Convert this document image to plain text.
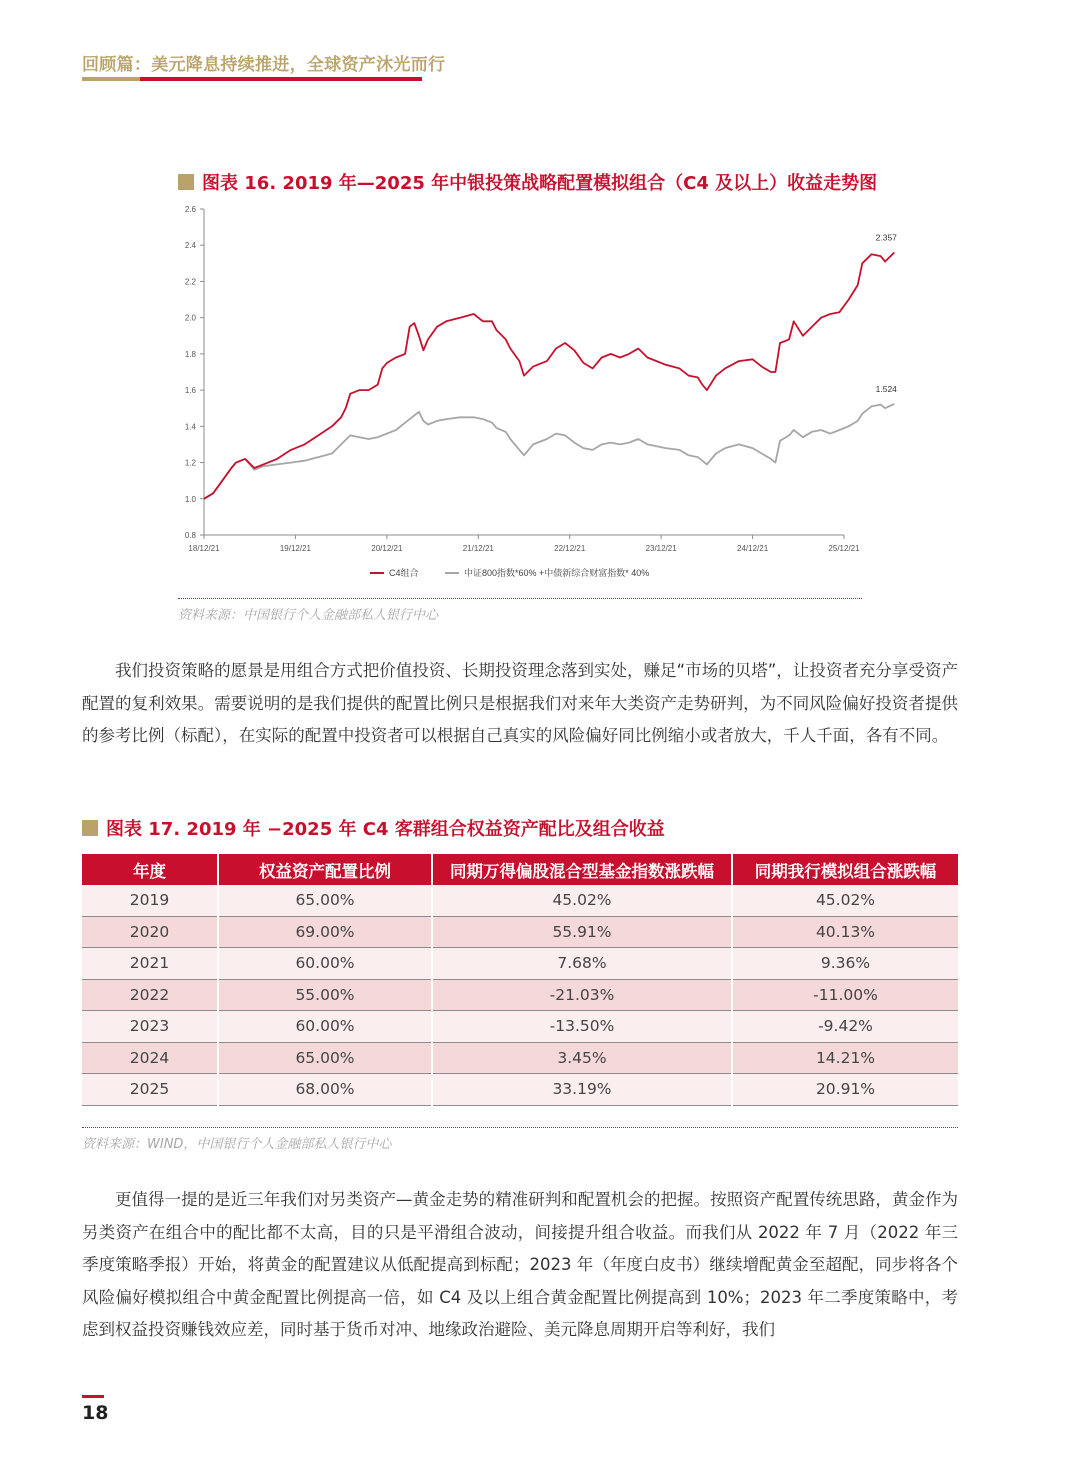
回顾篇：美元降息持续推进，全球资产沐光而行
图表 16. 2019 年—2025 年中银投策战略配置模拟组合（C4 及以上）收益走势图
0.8
1.0
1.2
1.4
1.6
1.8
2.0
2.2
2.4
2.6
18/12/21	19/12/21	20/12/21	21/12/21	22/12/21	23/12/21	24/12/21	25/12/21
1.524
2.357
C4组合	中证800指数*60% +中债新综合财富指数* 40%
资料来源：中国银行个人金融部私人银行中心

我们投资策略的愿景是用组合方式把价值投资、长期投资理念落到实处，赚足“市场的贝塔”，让投资者充分享受资产配置的复利效果。需要说明的是我们提供的配置比例只是根据我们对来年大类资产走势研判，为不同风险偏好投资者提供的参考比例（标配），在实际的配置中投资者可以根据自己真实的风险偏好同比例缩小或者放大，千人千面，各有不同。

图表 17. 2019 年 −2025 年 C4 客群组合权益资产配比及组合收益
年度	权益资产配置比例	同期万得偏股混合型基金指数涨跌幅	同期我行模拟组合涨跌幅
2019	65.00%	45.02%	45.02%
2020	69.00%	55.91%	40.13%
2021	60.00%	7.68%	9.36%
2022	55.00%	-21.03%	-11.00%
2023	60.00%	-13.50%	-9.42%
2024	65.00%	3.45%	14.21%
2025	68.00%	33.19%	20.91%
资料来源：WIND，中国银行个人金融部私人银行中心

更值得一提的是近三年我们对另类资产—黄金走势的精准研判和配置机会的把握。按照资产配置传统思路，黄金作为另类资产在组合中的配比都不太高，目的只是平滑组合波动，间接提升组合收益。而我们从 2022 年 7 月（2022 年三季度策略季报）开始，将黄金的配置建议从低配提高到标配；2023 年（年度白皮书）继续增配黄金至超配，同步将各个风险偏好模拟组合中黄金配置比例提高一倍，如 C4 及以上组合黄金配置比例提高到 10%；2023 年二季度策略中，考虑到权益投资赚钱效应差，同时基于货币对冲、地缘政治避险、美元降息周期开启等利好，我们

18
